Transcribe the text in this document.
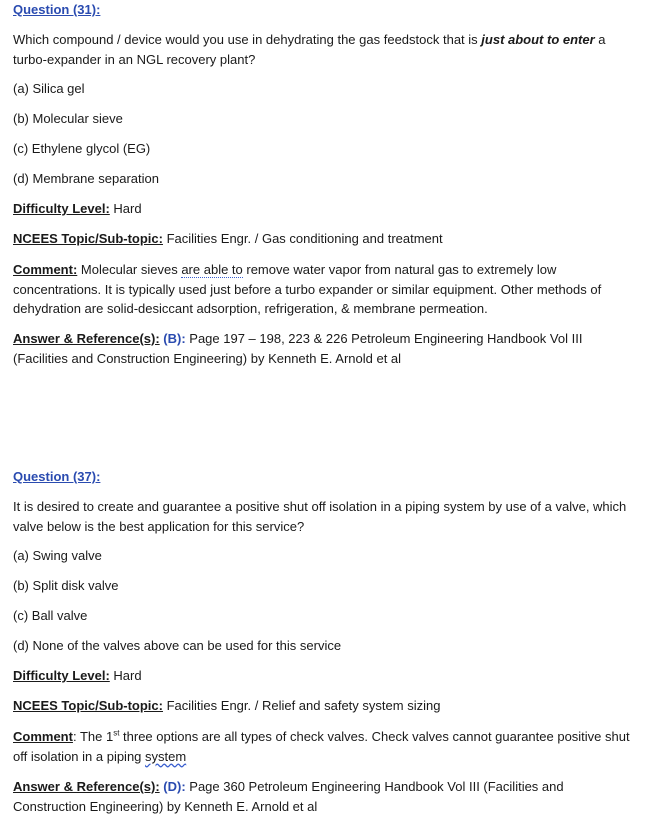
Question (31):
Which compound / device would you use in dehydrating the gas feedstock that is just about to enter a turbo-expander in an NGL recovery plant?
(a) Silica gel
(b) Molecular sieve
(c) Ethylene glycol (EG)
(d) Membrane separation
Difficulty Level: Hard
NCEES Topic/Sub-topic: Facilities Engr. / Gas conditioning and treatment
Comment: Molecular sieves are able to remove water vapor from natural gas to extremely low concentrations. It is typically used just before a turbo expander or similar equipment. Other methods of dehydration are solid-desiccant adsorption, refrigeration, & membrane permeation.
Answer & Reference(s): (B): Page 197 – 198, 223 & 226 Petroleum Engineering Handbook Vol III (Facilities and Construction Engineering) by Kenneth E. Arnold et al
Question (37):
It is desired to create and guarantee a positive shut off isolation in a piping system by use of a valve, which valve below is the best application for this service?
(a) Swing valve
(b) Split disk valve
(c) Ball valve
(d) None of the valves above can be used for this service
Difficulty Level: Hard
NCEES Topic/Sub-topic: Facilities Engr. / Relief and safety system sizing
Comment: The 1st three options are all types of check valves. Check valves cannot guarantee positive shut off isolation in a piping system
Answer & Reference(s): (D): Page 360 Petroleum Engineering Handbook Vol III (Facilities and Construction Engineering) by Kenneth E. Arnold et al
